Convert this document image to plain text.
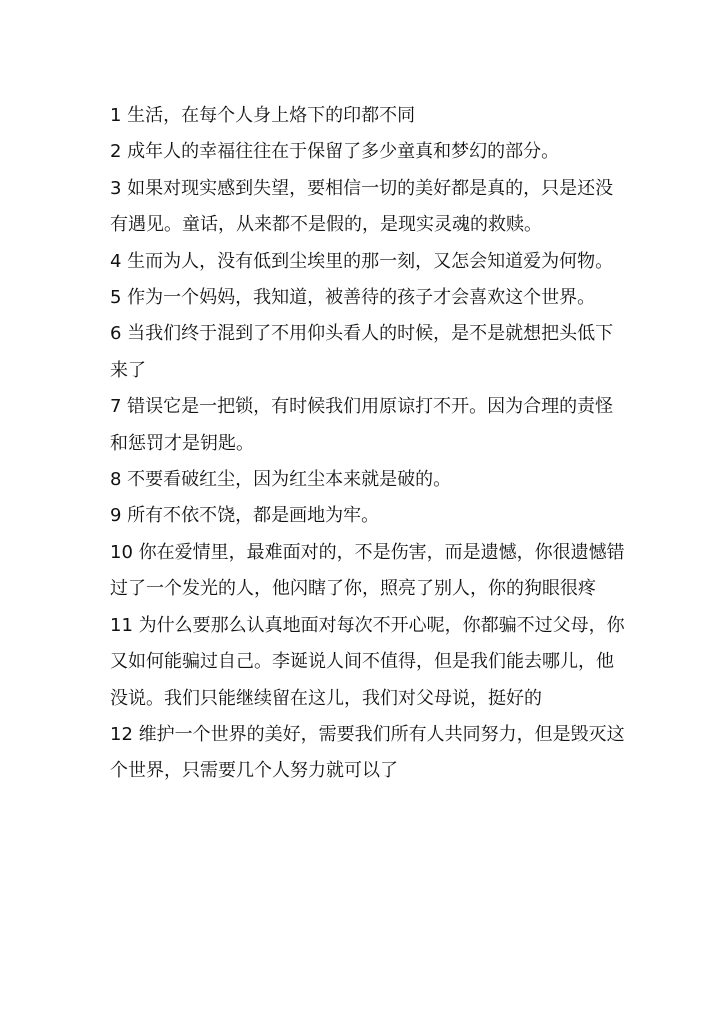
1 生活，在每个人身上烙下的印都不同

2 成年人的幸福往往在于保留了多少童真和梦幻的部分。

3 如果对现实感到失望，要相信一切的美好都是真的，只是还没有遇见。童话，从来都不是假的，是现实灵魂的救赎。

4 生而为人，没有低到尘埃里的那一刻，又怎会知道爱为何物。

5 作为一个妈妈，我知道，被善待的孩子才会喜欢这个世界。

6 当我们终于混到了不用仰头看人的时候，是不是就想把头低下来了

7 错误它是一把锁，有时候我们用原谅打不开。因为合理的责怪和惩罚才是钥匙。

8 不要看破红尘，因为红尘本来就是破的。

9 所有不依不饶，都是画地为牢。

10 你在爱情里，最难面对的，不是伤害，而是遗憾，你很遗憾错过了一个发光的人，他闪瞎了你，照亮了别人，你的狗眼很疼

11 为什么要那么认真地面对每次不开心呢，你都骗不过父母，你又如何能骗过自己。李诞说人间不值得，但是我们能去哪儿，他没说。我们只能继续留在这儿，我们对父母说，挺好的

12 维护一个世界的美好，需要我们所有人共同努力，但是毁灭这个世界，只需要几个人努力就可以了
